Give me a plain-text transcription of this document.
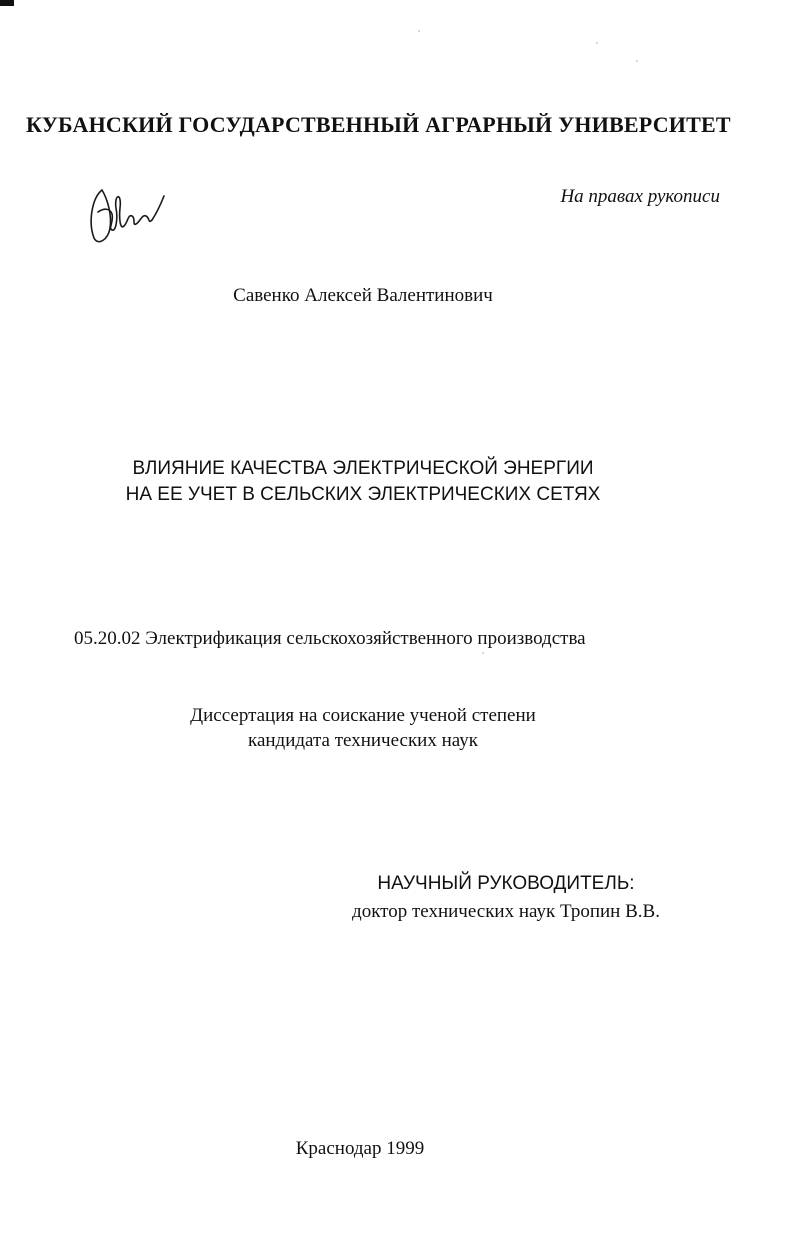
КУБАНСКИЙ ГОСУДАРСТВЕННЫЙ АГРАРНЫЙ УНИВЕРСИТЕТ
На правах рукописи
Савенко Алексей Валентинович
ВЛИЯНИЕ КАЧЕСТВА ЭЛЕКТРИЧЕСКОЙ ЭНЕРГИИ
НА ЕЕ УЧЕТ В СЕЛЬСКИХ ЭЛЕКТРИЧЕСКИХ СЕТЯХ
05.20.02 Электрификация сельскохозяйственного производства
Диссертация на соискание ученой степени
кандидата технических наук
НАУЧНЫЙ РУКОВОДИТЕЛЬ:
доктор технических наук Тропин В.В.
Краснодар 1999
